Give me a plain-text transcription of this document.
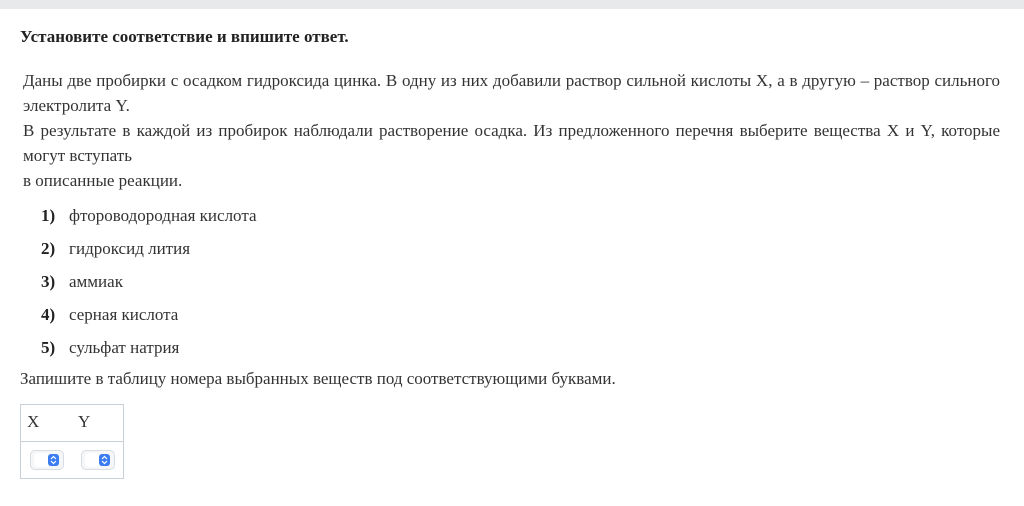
Установите соответствие и впишите ответ.
Даны две пробирки с осадком гидроксида цинка. В одну из них добавили раствор сильной кислоты X, а в другую – раствор сильного электролита Y.
В результате в каждой из пробирок наблюдали растворение осадка. Из предложенного перечня выберите вещества X и Y, которые могут вступать
в описанные реакции.
1) фтороводородная кислота
2) гидроксид лития
3) аммиак
4) серная кислота
5) сульфат натрия
Запишите в таблицу номера выбранных веществ под соответствующими буквами.
X Y
